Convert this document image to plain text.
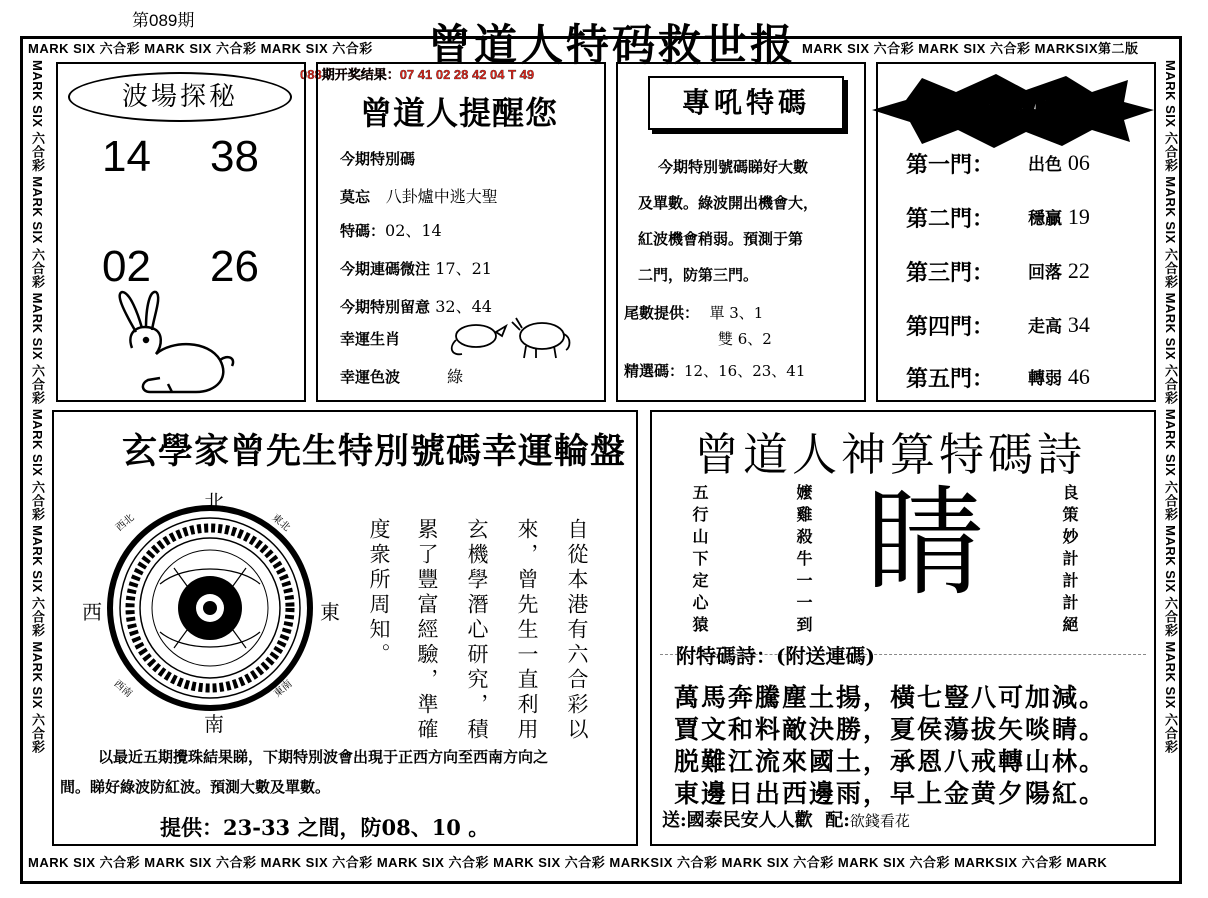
第089期
曾道人特码救世报
MARK SIX 六合彩 MARK SIX 六合彩 MARK SIX 六合彩	MARK SIX 六合彩 MARK SIX 六合彩 MARKSIX第二版
MARK SIX 六合彩 MARK SIX 六合彩 MARK SIX 六合彩 MARK SIX 六合彩 MARK SIX 六合彩 MARKSIX 六合彩 MARK SIX 六合彩 MARK SIX 六合彩 MARKSIX 六合彩 MARK
MARK SIX 六合彩 MARK SIX 六合彩 MARK SIX 六合彩 MARK SIX 六合彩 MARK SIX 六合彩 MARK SIX 六合彩	MARK SIX 六合彩 MARK SIX 六合彩 MARK SIX 六合彩 MARK SIX 六合彩 MARK SIX 六合彩 MARK SIX 六合彩
088期开奖结果：07 41 02 28 42 04 T 49
波場探秘
14 38
02 26
曾道人提醒您
今期特別碼
莫忘 八卦爐中逃大聖
特碼：02、14
今期連碼微注 17、21
今期特別留意 32、44
幸運生肖
幸運色波	綠
專吼特碼
今期特別號碼睇好大數
及單數。綠波開出機會大，
紅波機會稍弱。預測于第
二門，防第三門。
尾數提供： 單 3、1
雙 6、2
精選碼：12、16、23、41
門類分析
第一門： 出色 06
第二門： 穩贏 19
第三門： 回落 22
第四門： 走高 34
第五門： 轉弱 46
玄學家曾先生特別號碼幸運輪盤
北
南
東
西
西北	東北
西南	東南	自從本港有六合彩以
來，曾先生一直利用
玄機學潛心研究，積
累了豐富經驗，準確
度衆所周知。
以最近五期攪珠結果睇，下期特別波會出現于正西方向至西南方向之
間。睇好綠波防紅波。預測大數及單數。
提供：23-33 之間，防08、10 。
曾道人神算特碼詩
五行山下定心猿	嬤雞殺牛一一到	良策妙計計計絕
睛
附特碼詩：(附送連碼)
萬馬奔騰塵土揚，橫七豎八可加減。
賈文和料敵決勝，夏侯蕩拔矢啖睛。
脱難江流來國土，承恩八戒轉山林。
東邊日出西邊雨，早上金黄夕陽紅。
送:國泰民安人人歡 配:欲錢看花
